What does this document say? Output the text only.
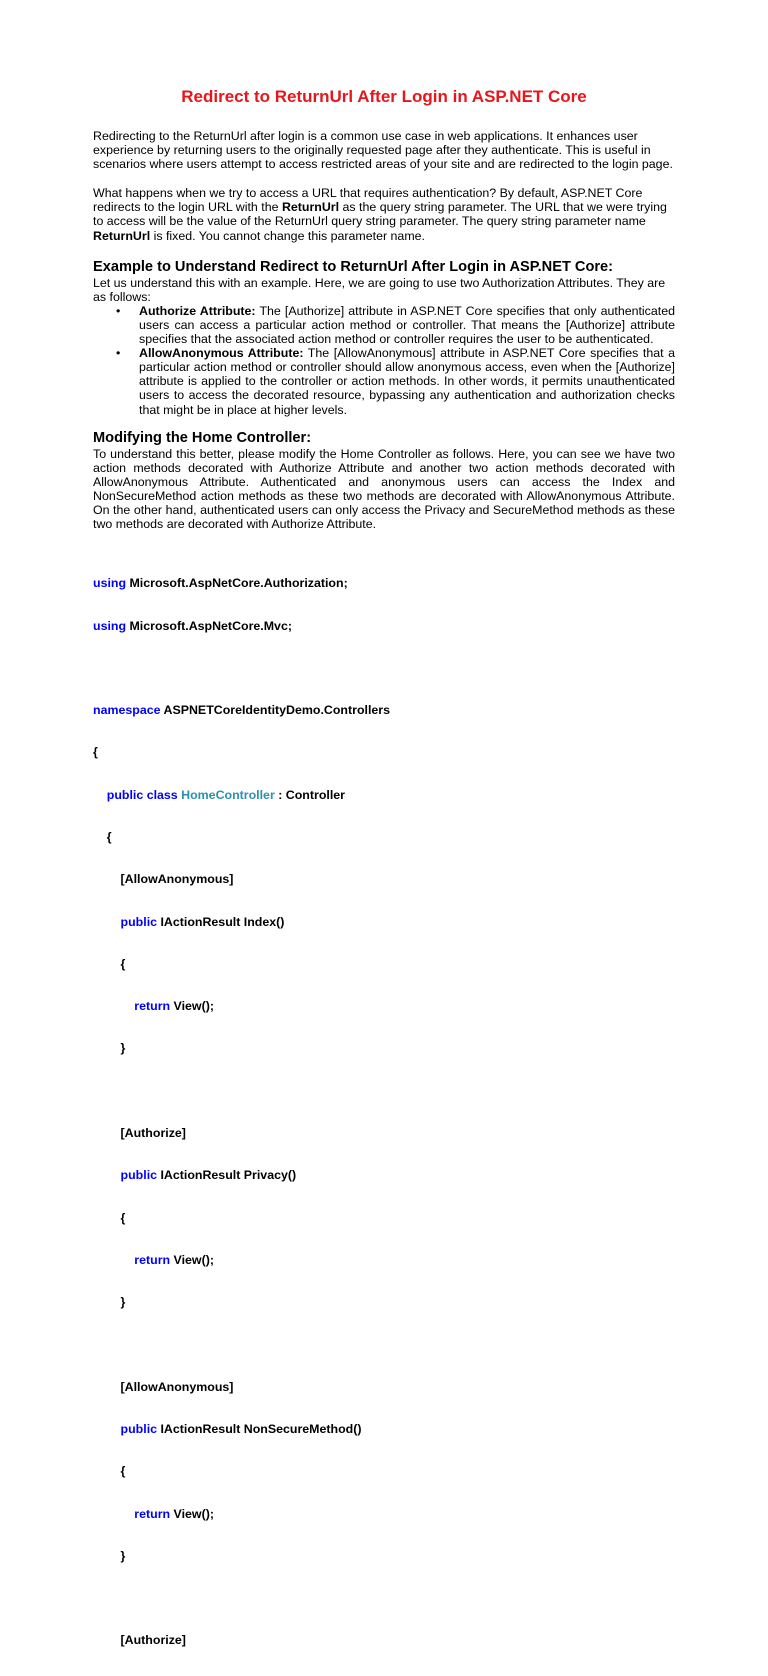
Redirect to ReturnUrl After Login in ASP.NET Core

Redirecting to the ReturnUrl after login is a common use case in web applications. It enhances user experience by returning users to the originally requested page after they authenticate. This is useful in scenarios where users attempt to access restricted areas of your site and are redirected to the login page.

What happens when we try to access a URL that requires authentication? By default, ASP.NET Core redirects to the login URL with the ReturnUrl as the query string parameter. The URL that we were trying to access will be the value of the ReturnUrl query string parameter. The query string parameter name ReturnUrl is fixed. You cannot change this parameter name.

Example to Understand Redirect to ReturnUrl After Login in ASP.NET Core:

Let us understand this with an example. Here, we are going to use two Authorization Attributes. They are as follows:

• Authorize Attribute: The [Authorize] attribute in ASP.NET Core specifies that only authenticated users can access a particular action method or controller. That means the [Authorize] attribute specifies that the associated action method or controller requires the user to be authenticated.
• AllowAnonymous Attribute: The [AllowAnonymous] attribute in ASP.NET Core specifies that a particular action method or controller should allow anonymous access, even when the [Authorize] attribute is applied to the controller or action methods. In other words, it permits unauthenticated users to access the decorated resource, bypassing any authentication and authorization checks that might be in place at higher levels.
Modifying the Home Controller:

To understand this better, please modify the Home Controller as follows. Here, you can see we have two action methods decorated with Authorize Attribute and another two action methods decorated with AllowAnonymous Attribute. Authenticated and anonymous users can access the Index and NonSecureMethod action methods as these two methods are decorated with AllowAnonymous Attribute. On the other hand, authenticated users can only access the Privacy and SecureMethod methods as these two methods are decorated with Authorize Attribute.

using Microsoft.AspNetCore.Authorization;

using Microsoft.AspNetCore.Mvc;

namespace ASPNETCoreIdentityDemo.Controllers

{

public class HomeController : Controller

{

[AllowAnonymous]

public IActionResult Index()

{

return View();

}

[Authorize]

public IActionResult Privacy()

{

return View();

}

[AllowAnonymous]

public IActionResult NonSecureMethod()

{

return View();

}

[Authorize]
